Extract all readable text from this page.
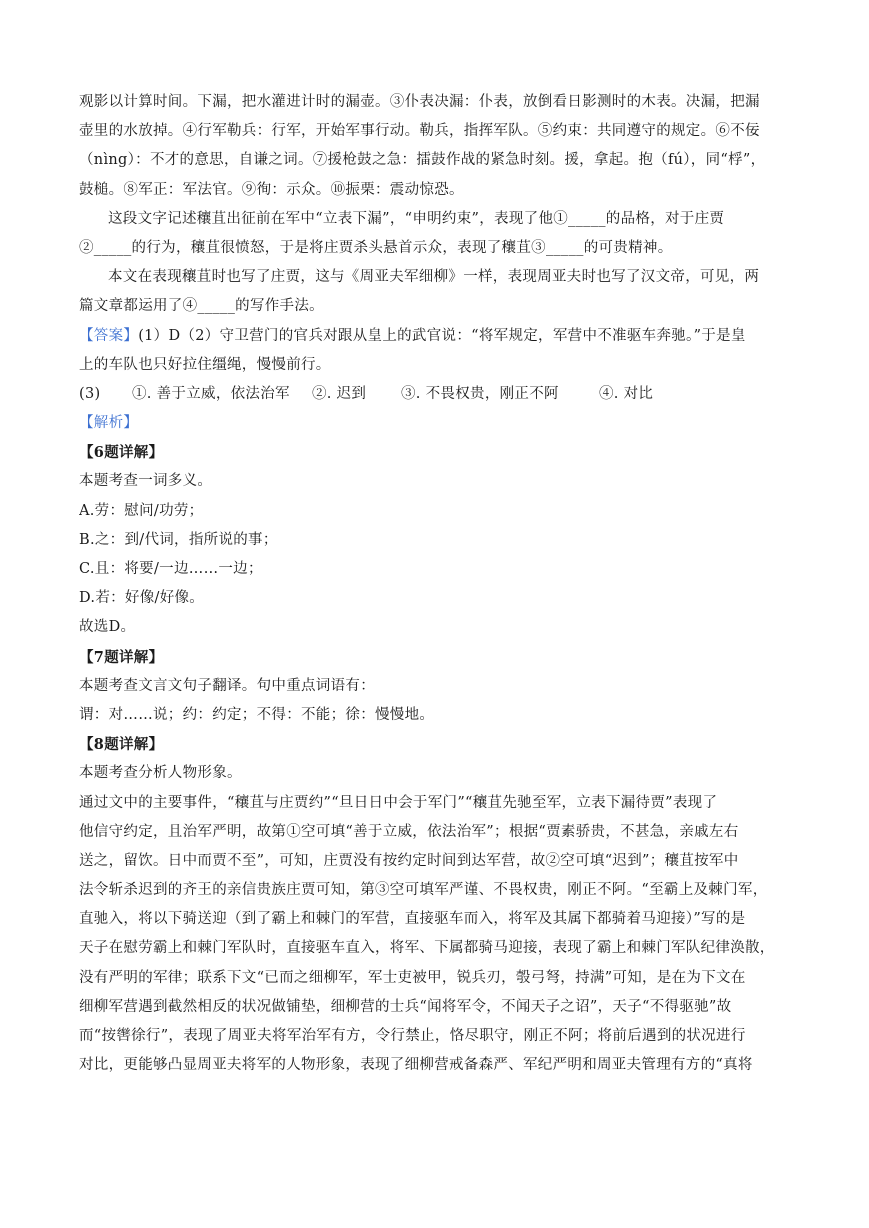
观影以计算时间。下漏，把水灌进计时的漏壶。③仆表决漏：仆表，放倒看日影测时的木表。决漏，把漏
壶里的水放掉。④行军勒兵：行军，开始军事行动。勒兵，指挥军队。⑤约束：共同遵守的规定。⑥不佞
（nìng）：不才的意思，自谦之词。⑦援枪鼓之急：擂鼓作战的紧急时刻。援，拿起。抱（fú），同“桴”，
鼓槌。⑧军正：军法官。⑨徇：示众。⑩振栗：震动惊恐。
这段文字记述穰苴出征前在军中“立表下漏”，“申明约束”，表现了他①_____的品格，对于庄贾
②_____的行为，穰苴很愤怒，于是将庄贾杀头悬首示众，表现了穰苴③_____的可贵精神。
本文在表现穰苴时也写了庄贾，这与《周亚夫军细柳》一样，表现周亚夫时也写了汉文帝，可见，两
篇文章都运用了④_____的写作手法。
【答案】(1）D（2）守卫营门的官兵对跟从皇上的武官说：“将军规定，军营中不准驱车奔驰。”于是皇
上的车队也只好拉住缰绳，慢慢前行。
(3)	①. 善于立威，依法治军	②. 迟到	③. 不畏权贵，刚正不阿	④. 对比
【解析】
【6题详解】
本题考查一词多义。
A.劳：慰问/功劳；
B.之：到/代词，指所说的事；
C.且：将要/一边……一边；
D.若：好像/好像。
故选D。
【7题详解】
本题考查文言文句子翻译。句中重点词语有：
谓：对……说；约：约定；不得：不能；徐：慢慢地。
【8题详解】
本题考查分析人物形象。
通过文中的主要事件，“穰苴与庄贾约”“旦日日中会于军门”“穰苴先驰至军，立表下漏待贾”表现了
他信守约定，且治军严明，故第①空可填“善于立威，依法治军”；根据“贾素骄贵，不甚急，亲戚左右
送之，留饮。日中而贾不至”，可知，庄贾没有按约定时间到达军营，故②空可填“迟到”；穰苴按军中
法令斩杀迟到的齐王的亲信贵族庄贾可知，第③空可填军严谨、不畏权贵，刚正不阿。“至霸上及棘门军，
直驰入，将以下骑送迎（到了霸上和棘门的军营，直接驱车而入，将军及其属下都骑着马迎接）”写的是
天子在慰劳霸上和棘门军队时，直接驱车直入，将军、下属都骑马迎接，表现了霸上和棘门军队纪律涣散，
没有严明的军律；联系下文“已而之细柳军，军士吏被甲，锐兵刃，彀弓弩，持满”可知，是在为下文在
细柳军营遇到截然相反的状况做铺垫，细柳营的士兵“闻将军令，不闻天子之诏”，天子“不得驱驰”故
而“按辔徐行”，表现了周亚夫将军治军有方，令行禁止，恪尽职守，刚正不阿；将前后遇到的状况进行
对比，更能够凸显周亚夫将军的人物形象，表现了细柳营戒备森严、军纪严明和周亚夫管理有方的“真将
